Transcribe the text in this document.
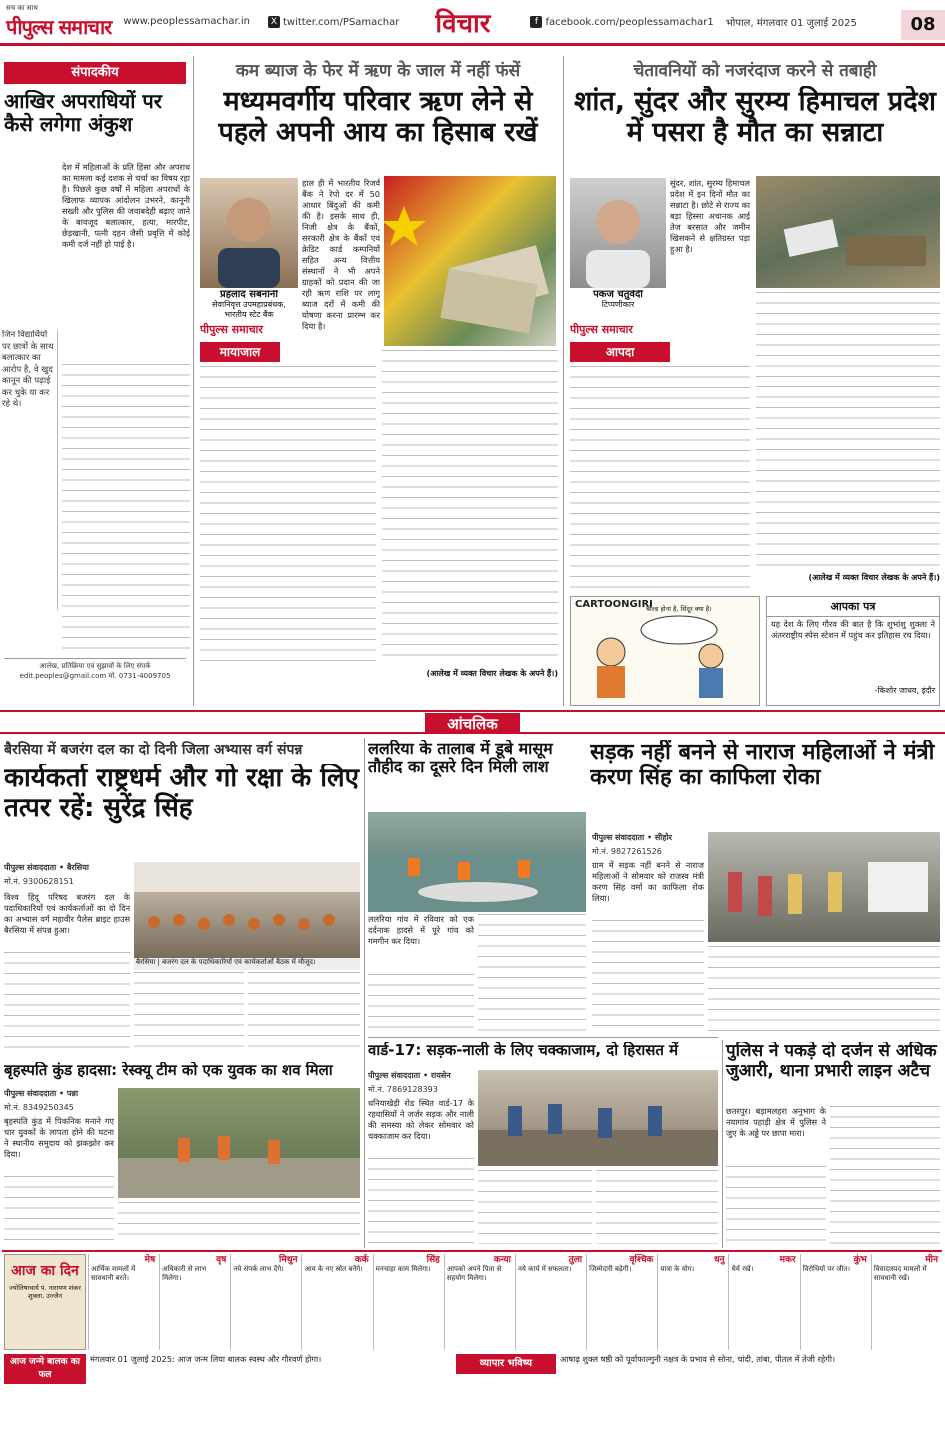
सच का साथ
पीपुल्स समाचार www.peoplessamachar.in	X twitter.com/PSamachar विचार	f facebook.com/peoplessamachar1 भोपाल, मंगलवार 01 जुलाई 2025	08
संपादकीय
आखिर अपराधियों पर कैसे लगेगा अंकुश
देश में महिलाओं के प्रति हिंसा और अपराध का मामला कई दशक से चर्चा का विषय रहा है। पिछले कुछ वर्षों में महिला अपराधों के खिलाफ व्यापक आंदोलन उभरने, कानूनी सख्ती और पुलिस की जवाबदेही बढ़ाए जाने के बावजूद बलात्कार, हत्या, मारपीट, छेड़खानी, पत्नी दहन जैसी प्रवृत्ति में कोई कमी दर्ज नहीं हो पाई है।
जिन विद्यार्थियों पर छात्रों के साथ बलात्कार का आरोप है, वे खुद कानून की पढ़ाई कर चुके या कर रहे थे।
आलेख, प्रतिक्रिया एवं सुझावों के लिए संपर्क edit.peoples@gmail.com मो. 0731-4009705
कम ब्याज के फेर में ऋण के जाल में नहीं फंसें
मध्यमवर्गीय परिवार ऋण लेने से पहले अपनी आय का हिसाब रखें
प्रहलाद सबनानी
सेवानिवृत्त उपमहाप्रबंधक, भारतीय स्टेट बैंक
पीपुल्स समाचार
मायाजाल
हाल ही में भारतीय रिजर्व बैंक ने रेपो दर में 50 आधार बिंदुओं की कमी की है। इसके साथ ही, निजी क्षेत्र के बैंकों, सरकारी क्षेत्र के बैंकों एवं क्रेडिट कार्ड कम्पनियों सहित अन्य वित्तीय संस्थानों ने भी अपने ग्राहकों को प्रदान की जा रही ऋण राशि पर लागू ब्याज दरों में कमी की घोषणा करना प्रारम्भ कर दिया है।
(आलेख में व्यक्त विचार लेखक के अपने हैं।)
चेतावनियों को नजरंदाज करने से तबाही
शांत, सुंदर और सुरम्य हिमाचल प्रदेश में पसरा है मौत का सन्नाटा
पंकज चतुर्वेदी
टिप्पणीकार
पीपुल्स समाचार
आपदा
सुंदर, शांत, सुरम्य हिमाचल प्रदेश में इन दिनों मौत का सन्नाटा है। छोटे से राज्य का बड़ा हिस्सा अचानक आई तेज बरसात और जमीन खिसकने से क्षतिग्रस्त पड़ा हुआ है।
(आलेख में व्यक्त विचार लेखक के अपने हैं।)
CARTOONGIRI
बोल्ड होना है, सिंदूर क्या है।	आपका पत्र
यह देश के लिए गौरव की बात है कि शुभांशु शुक्ला ने अंतरराष्ट्रीय स्पेस स्टेशन में पहुंच कर इतिहास रच दिया।
-किशोर जाधव, इंदौर
आंचलिक
बैरसिया में बजरंग दल का दो दिनी जिला अभ्यास वर्ग संपन्न
कार्यकर्ता राष्ट्रधर्म और गो रक्षा के लिए तत्पर रहें: सुरेंद्र सिंह
पीपुल्स संवाददाता • बैरसिया
मो.नं. 9300628151
विश्व हिंदू परिषद बजरंग दल के पदाधिकारियों एवं कार्यकर्ताओं का दो दिन का अभ्यास वर्ग महावीर पैलेस ब्राइट हाउस बैरसिया में संपन्न हुआ।
बैरसिया | बजरंग दल के पदाधिकारियों एवं कार्यकर्ताओं बैठक में मौजूद।
ललरिया के तालाब में डूबे मासूम तौहीद का दूसरे दिन मिली लाश
ललरिया गांव में रविवार को एक दर्दनाक हादसे में पूरे गांव को गमगीन कर दिया।
सड़क नहीं बनने से नाराज महिलाओं ने मंत्री करण सिंह का काफिला रोका
पीपुल्स संवाददाता • सीहोर
मो.नं. 9827261526
ग्राम में सड़क नहीं बनने से नाराज महिलाओं ने सोमवार को राजस्व मंत्री करण सिंह वर्मा का काफिला रोक लिया।
बृहस्पति कुंड हादसा: रेस्क्यू टीम को एक युवक का शव मिला
पीपुल्स संवाददाता • पन्ना
मो.नं. 8349250345
बृहस्पति कुंड में पिकनिक मनाने गए चार युवकों के लापता होने की घटना ने स्थानीय समुदाय को झकझोर कर दिया।
वार्ड-17: सड़क-नाली के लिए चक्काजाम, दो हिरासत में
पीपुल्स संवाददाता • रायसेन
मो.नं. 7869128393
धनियाखेड़ी रोड स्थित वार्ड-17 के रहवासियों ने जर्जर सड़क और नाली की समस्या को लेकर सोमवार को चक्काजाम कर दिया।
पुलिस ने पकड़े दो दर्जन से अधिक जुआरी, थाना प्रभारी लाइन अटैच
छतरपुर। बड़ामलहरा अनुभाग के नयागांव पहाड़ी क्षेत्र में पुलिस ने जुए के अड्डे पर छापा मारा।
आज का दिन
ज्योतिषाचार्य पं. नारायण शंकर शुक्ला, उज्जैन
मेष
आर्थिक मामलों में सावधानी बरतें।
वृष
अधिकारी से लाभ मिलेगा।
मिथुन
नये संपर्क लाभ देंगे।
कर्क
आय के नए स्रोत बनेंगे।
सिंह
मनचाहा काम मिलेगा।
कन्या
आपको अपने पिता से सहयोग मिलेगा।
तुला
नये कार्य में सफलता।
वृश्चिक
जिम्मेदारी बढ़ेगी।
धनु
यात्रा के योग।
मकर
धैर्य रखें।
कुंभ
विरोधियों पर जीत।
मीन
विवादास्पद मामलों में सावधानी रखें।
आज जन्मे बालक का फल
मंगलवार 01 जुलाई 2025: आज जन्म लिया बालक स्वस्थ और गौरवर्ण होगा।	व्यापार भविष्य	आषाढ़ शुक्ल षष्ठी को पूर्वाफाल्गुनी नक्षत्र के प्रभाव से सोना, चांदी, तांबा, पीतल में तेजी रहेगी।
